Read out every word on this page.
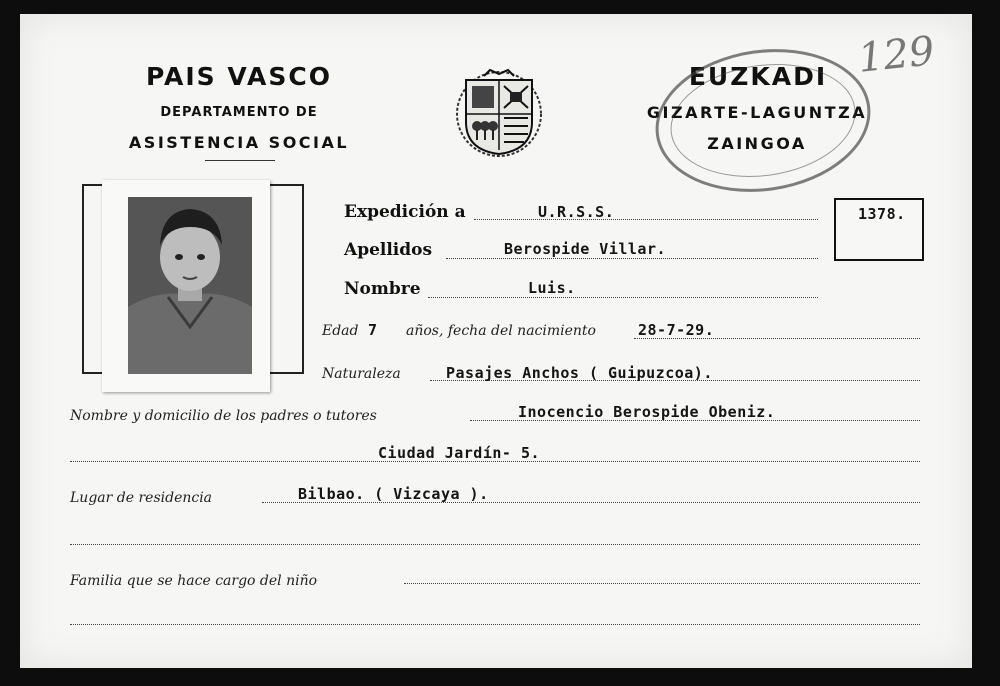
PAIS VASCO
DEPARTAMENTO DE
ASISTENCIA SOCIAL
EUZKADI
GIZARTE-LAGUNTZA
ZAINGOA
129
1378.
Expedición a	U.R.S.S.
Apellidos	Berospide Villar.
Nombre	Luis.
Edad 7 años, fecha del nacimiento	28-7-29.
Naturaleza	Pasajes Anchos ( Guipuzcoa).
Nombre y domicilio de los padres o tutores	Inocencio Berospide Obeniz.
Ciudad Jardín- 5.
Lugar de residencia	Bilbao. ( Vizcaya ).
Familia que se hace cargo del niño
